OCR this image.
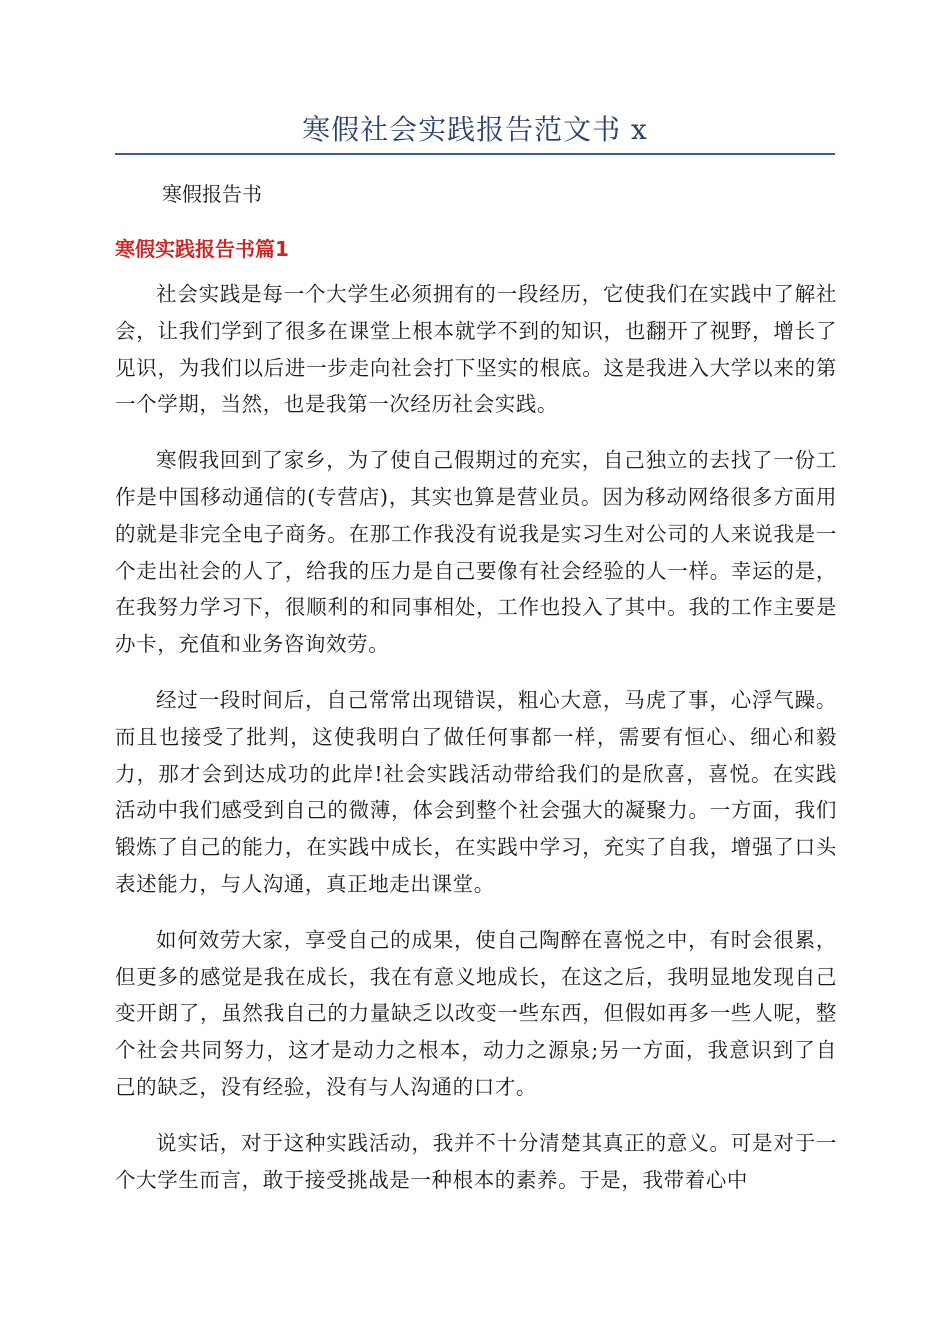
寒假社会实践报告范文书 x

寒假报告书

寒假实践报告书篇1

社会实践是每一个大学生必须拥有的一段经历，它使我们在实践中了解社会，让我们学到了很多在课堂上根本就学不到的知识，也翻开了视野，增长了见识，为我们以后进一步走向社会打下坚实的根底。这是我进入大学以来的第一个学期，当然，也是我第一次经历社会实践。

寒假我回到了家乡，为了使自己假期过的充实，自己独立的去找了一份工作是中国移动通信的(专营店)，其实也算是营业员。因为移动网络很多方面用的就是非完全电子商务。在那工作我没有说我是实习生对公司的人来说我是一个走出社会的人了，给我的压力是自己要像有社会经验的人一样。幸运的是，在我努力学习下，很顺利的和同事相处，工作也投入了其中。我的工作主要是办卡，充值和业务咨询效劳。

经过一段时间后，自己常常出现错误，粗心大意，马虎了事，心浮气躁。而且也接受了批判，这使我明白了做任何事都一样，需要有恒心、细心和毅力，那才会到达成功的此岸!社会实践活动带给我们的是欣喜，喜悦。在实践活动中我们感受到自己的微薄，体会到整个社会强大的凝聚力。一方面，我们锻炼了自己的能力，在实践中成长，在实践中学习，充实了自我，增强了口头表述能力，与人沟通，真正地走出课堂。

如何效劳大家，享受自己的成果，使自己陶醉在喜悦之中，有时会很累，但更多的感觉是我在成长，我在有意义地成长，在这之后，我明显地发现自己变开朗了，虽然我自己的力量缺乏以改变一些东西，但假如再多一些人呢，整个社会共同努力，这才是动力之根本，动力之源泉;另一方面，我意识到了自己的缺乏，没有经验，没有与人沟通的口才。

说实话，对于这种实践活动，我并不十分清楚其真正的意义。可是对于一个大学生而言，敢于接受挑战是一种根本的素养。于是，我带着心中
